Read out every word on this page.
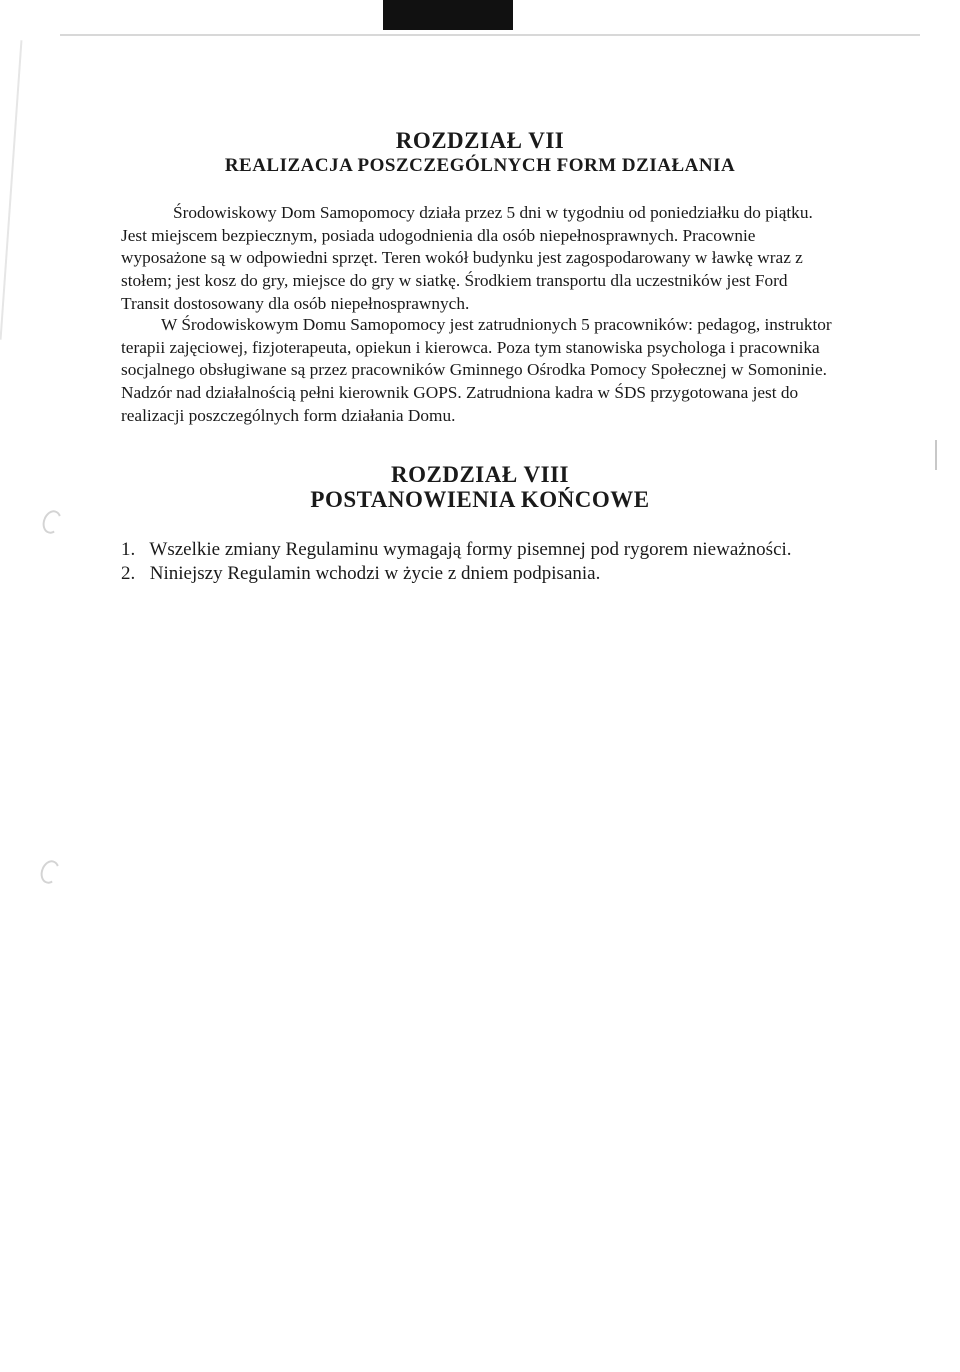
ROZDZIAŁ VII
REALIZACJA POSZCZEGÓLNYCH FORM DZIAŁANIA
Środowiskowy Dom Samopomocy działa przez 5 dni w tygodniu od poniedziałku do piątku. Jest miejscem bezpiecznym, posiada udogodnienia dla osób niepełnosprawnych. Pracownie wyposażone są w odpowiedni sprzęt. Teren wokół budynku jest zagospodarowany w ławkę wraz z stołem; jest kosz do gry, miejsce do gry w siatkę. Środkiem transportu dla uczestników jest Ford Transit dostosowany dla osób niepełnosprawnych.
W Środowiskowym Domu Samopomocy jest zatrudnionych 5 pracowników: pedagog, instruktor terapii zajęciowej, fizjoterapeuta, opiekun i kierowca. Poza tym stanowiska psychologa i pracownika socjalnego obsługiwane są przez pracowników Gminnego Ośrodka Pomocy Społecznej w Somoninie. Nadzór nad działalnością pełni kierownik GOPS. Zatrudniona kadra w ŚDS przygotowana jest do realizacji poszczególnych form działania Domu.
ROZDZIAŁ VIII
POSTANOWIENIA KOŃCOWE
1. Wszelkie zmiany Regulaminu wymagają formy pisemnej pod rygorem nieważności.
2. Niniejszy Regulamin wchodzi w życie z dniem podpisania.
